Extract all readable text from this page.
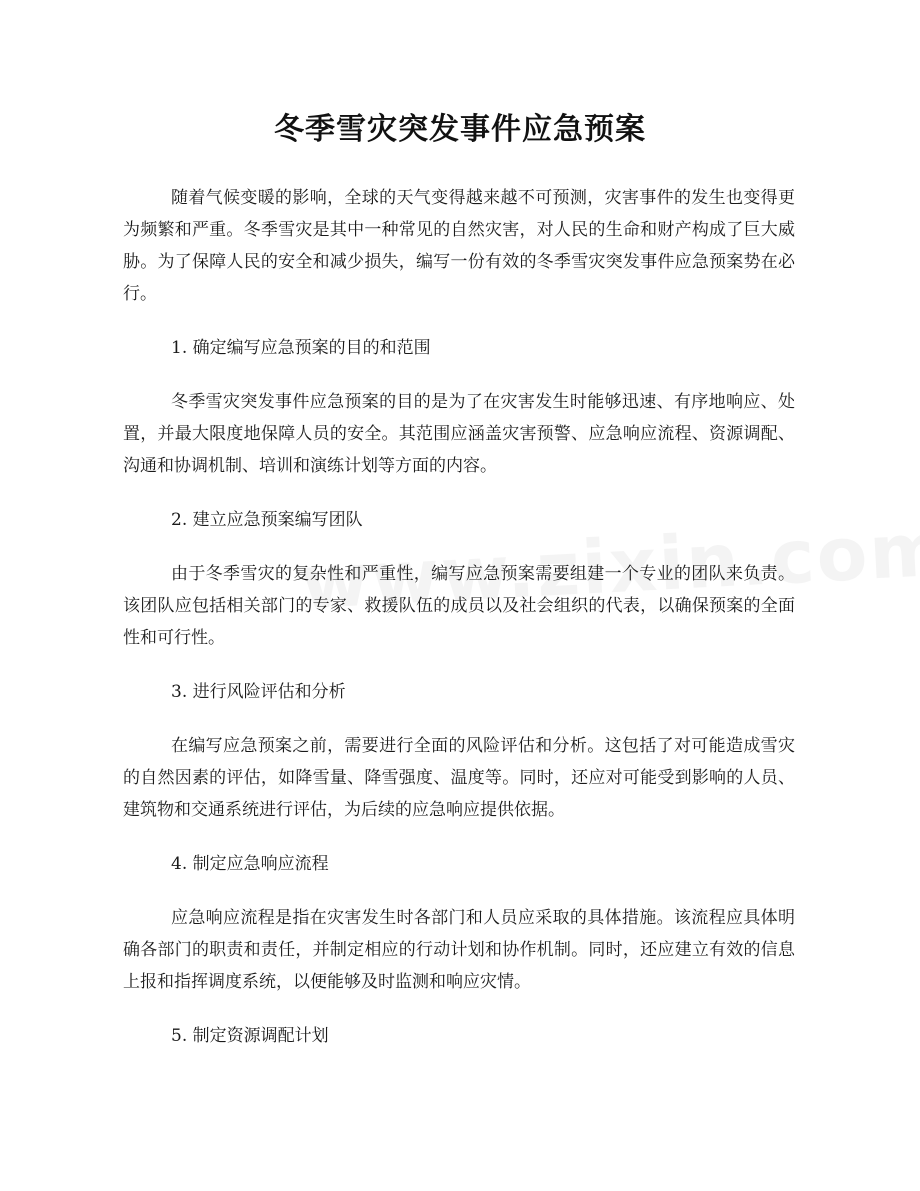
冬季雪灾突发事件应急预案

随着气候变暖的影响，全球的天气变得越来越不可预测，灾害事件的发生也变得更为频繁和严重。冬季雪灾是其中一种常见的自然灾害，对人民的生命和财产构成了巨大威胁。为了保障人民的安全和减少损失，编写一份有效的冬季雪灾突发事件应急预案势在必行。

1. 确定编写应急预案的目的和范围

冬季雪灾突发事件应急预案的目的是为了在灾害发生时能够迅速、有序地响应、处置，并最大限度地保障人员的安全。其范围应涵盖灾害预警、应急响应流程、资源调配、沟通和协调机制、培训和演练计划等方面的内容。

2. 建立应急预案编写团队

由于冬季雪灾的复杂性和严重性，编写应急预案需要组建一个专业的团队来负责。该团队应包括相关部门的专家、救援队伍的成员以及社会组织的代表，以确保预案的全面性和可行性。

3. 进行风险评估和分析

在编写应急预案之前，需要进行全面的风险评估和分析。这包括了对可能造成雪灾的自然因素的评估，如降雪量、降雪强度、温度等。同时，还应对可能受到影响的人员、建筑物和交通系统进行评估，为后续的应急响应提供依据。

4. 制定应急响应流程

应急响应流程是指在灾害发生时各部门和人员应采取的具体措施。该流程应具体明确各部门的职责和责任，并制定相应的行动计划和协作机制。同时，还应建立有效的信息上报和指挥调度系统，以便能够及时监测和响应灾情。

5. 制定资源调配计划
